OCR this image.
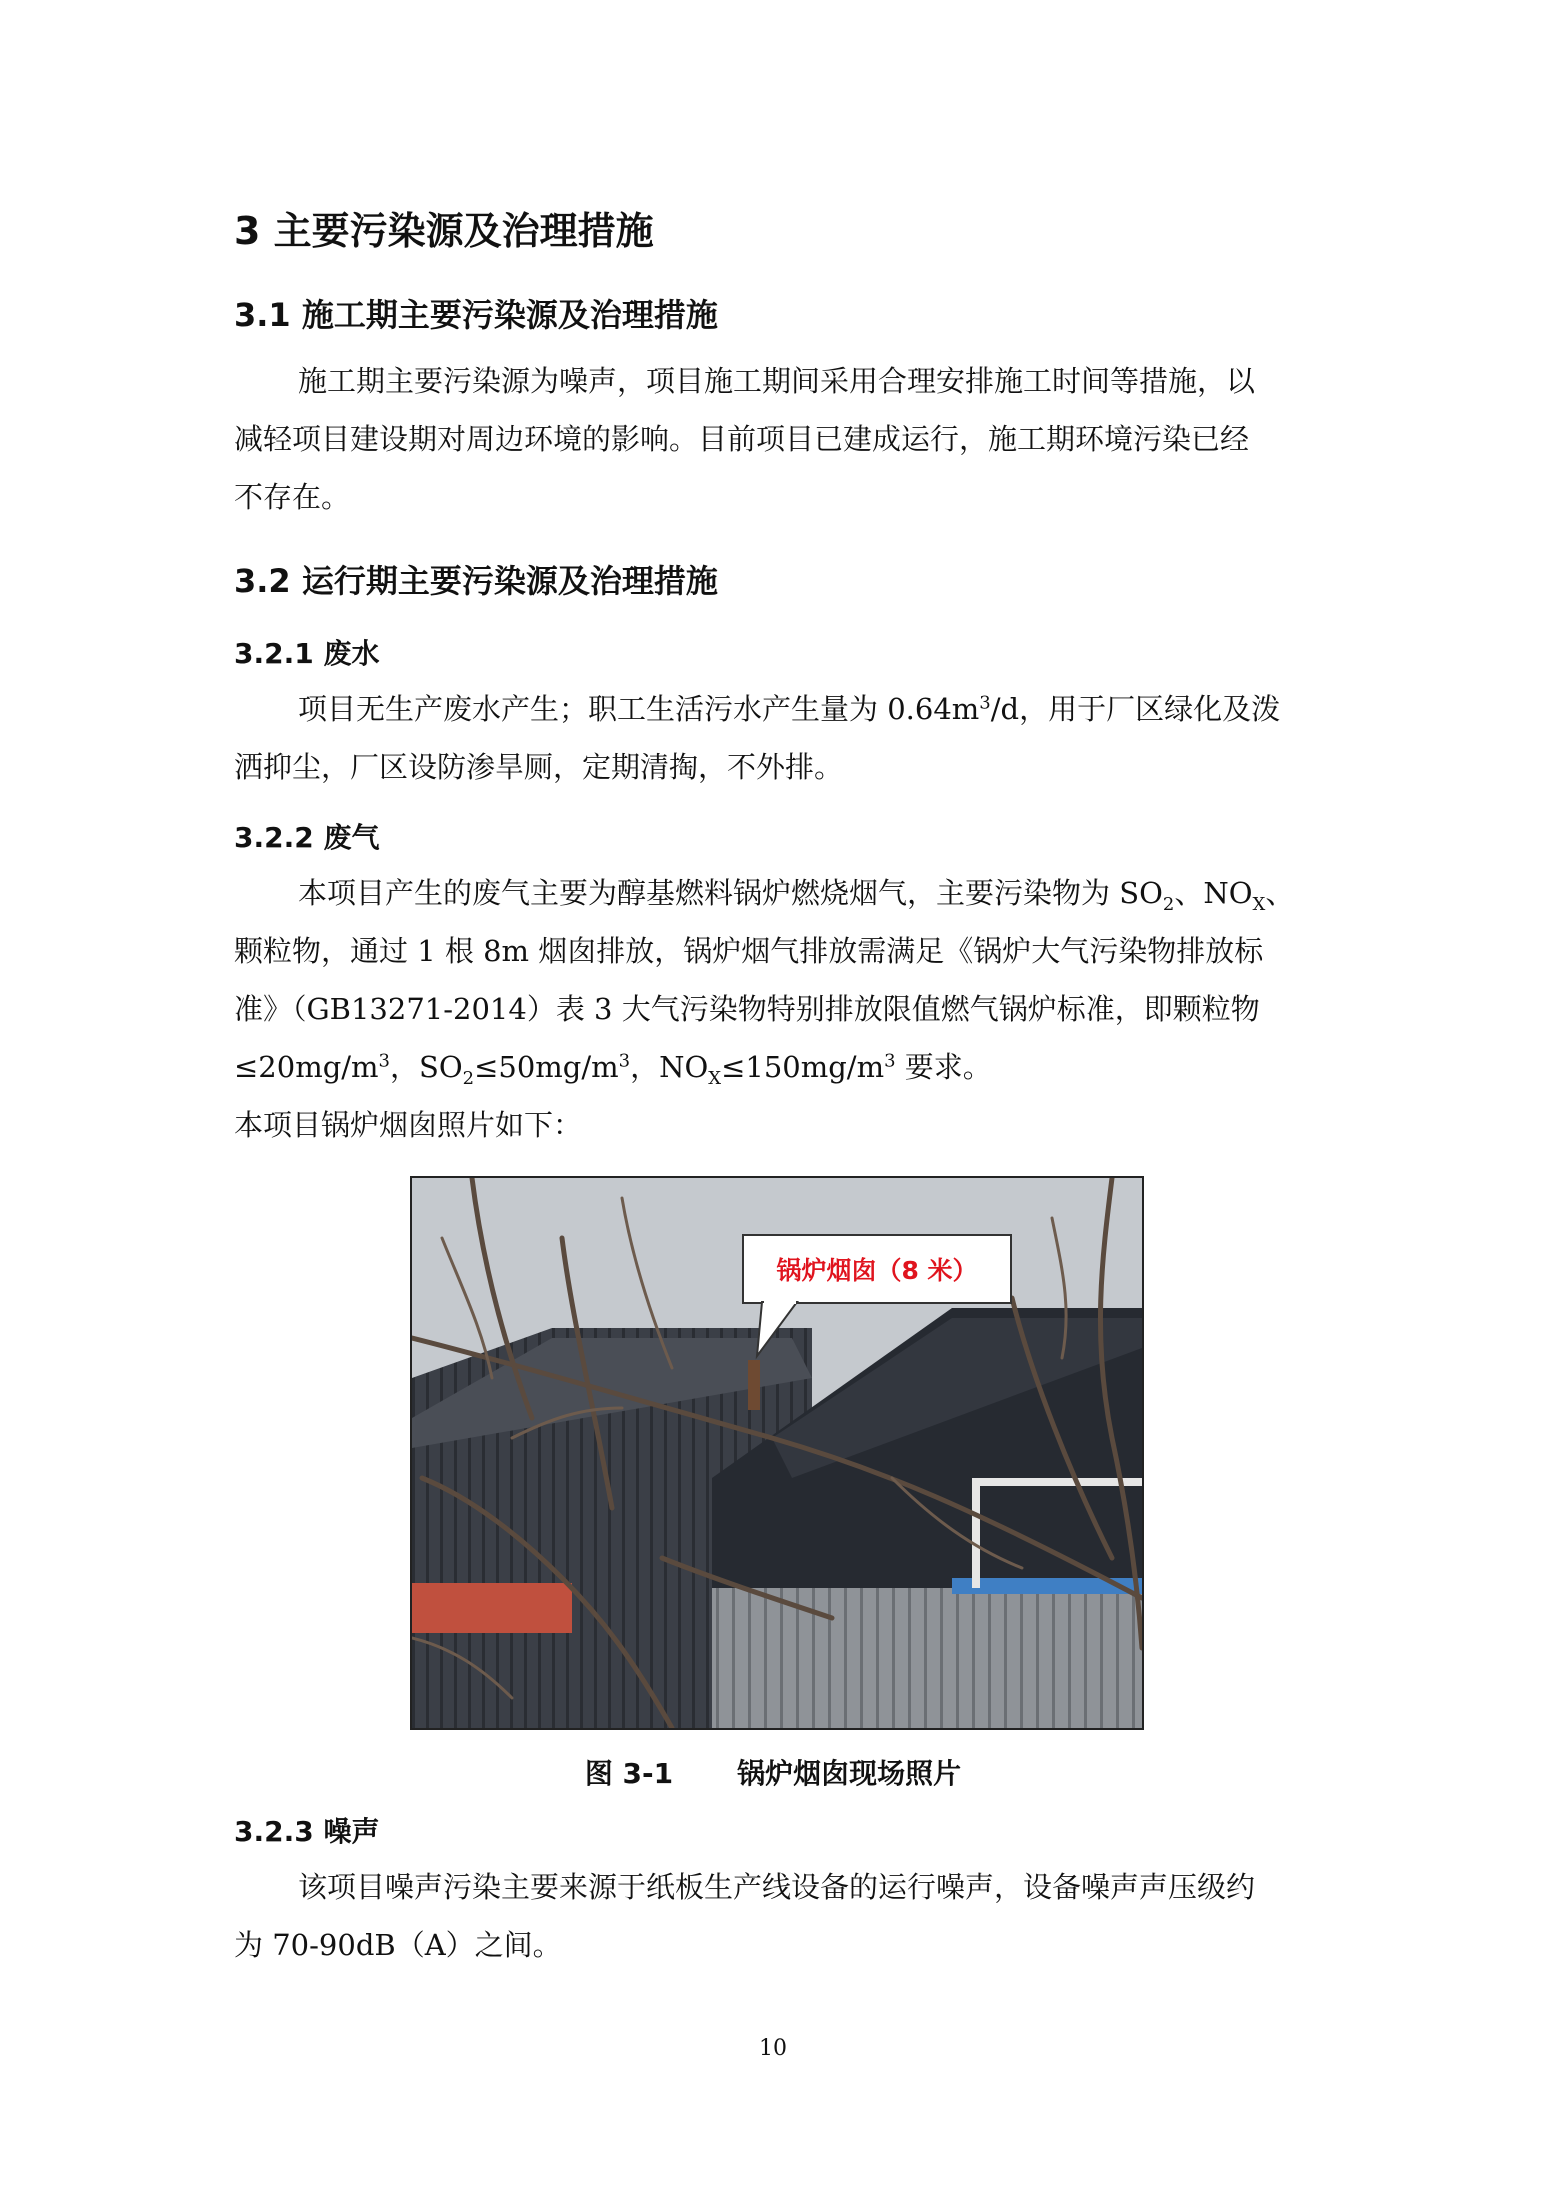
3 主要污染源及治理措施
3.1 施工期主要污染源及治理措施
施工期主要污染源为噪声，项目施工期间采用合理安排施工时间等措施，以
减轻项目建设期对周边环境的影响。目前项目已建成运行，施工期环境污染已经
不存在。
3.2 运行期主要污染源及治理措施
3.2.1 废水
项目无生产废水产生；职工生活污水产生量为 $0.64m^3/d$，用于厂区绿化及泼
洒抑尘，厂区设防渗旱厕，定期清掏，不外排。
3.2.2 废气
本项目产生的废气主要为醇基燃料锅炉燃烧烟气，主要污染物为 $SO_2$、$NO_X$、
颗粒物，通过 1 根 8m 烟囱排放，锅炉烟气排放需满足《锅炉大气污染物排放标
准》（GB13271-2014）表 3 大气污染物特别排放限值燃气锅炉标准，即颗粒物
$\le 20mg/m^3$，$SO_2\le 50mg/m^3$，$NO_X\le 150mg/m^3$ 要求。
本项目锅炉烟囱照片如下：
锅炉烟囱（8 米）
图 3-1 锅炉烟囱现场照片
3.2.3 噪声
该项目噪声污染主要来源于纸板生产线设备的运行噪声，设备噪声声压级约
为 70-90dB（A）之间。
10
